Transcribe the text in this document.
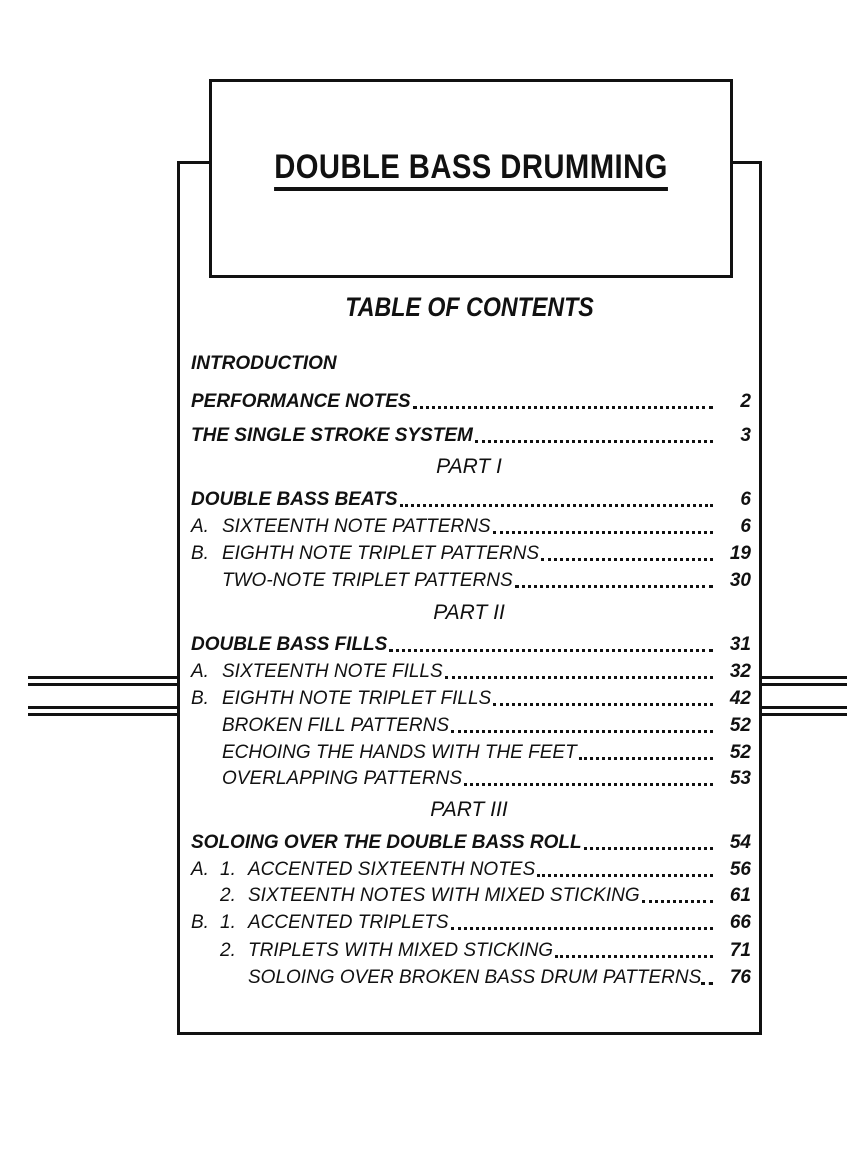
DOUBLE BASS DRUMMING
TABLE OF CONTENTS
INTRODUCTION
PERFORMANCE NOTES	2
THE SINGLE STROKE SYSTEM	3
PART I
DOUBLE BASS BEATS	6
A. SIXTEENTH NOTE PATTERNS	6
B. EIGHTH NOTE TRIPLET PATTERNS	19
TWO-NOTE TRIPLET PATTERNS	30
PART II
DOUBLE BASS FILLS	31
A. SIXTEENTH NOTE FILLS	32
B. EIGHTH NOTE TRIPLET FILLS	42
BROKEN FILL PATTERNS	52
ECHOING THE HANDS WITH THE FEET	52
OVERLAPPING PATTERNS	53
PART III
SOLOING OVER THE DOUBLE BASS ROLL	54
A. 1. ACCENTED SIXTEENTH NOTES	56
2. SIXTEENTH NOTES WITH MIXED STICKING	61
B. 1. ACCENTED TRIPLETS	66
2. TRIPLETS WITH MIXED STICKING	71
SOLOING OVER BROKEN BASS DRUM PATTERNS 76
